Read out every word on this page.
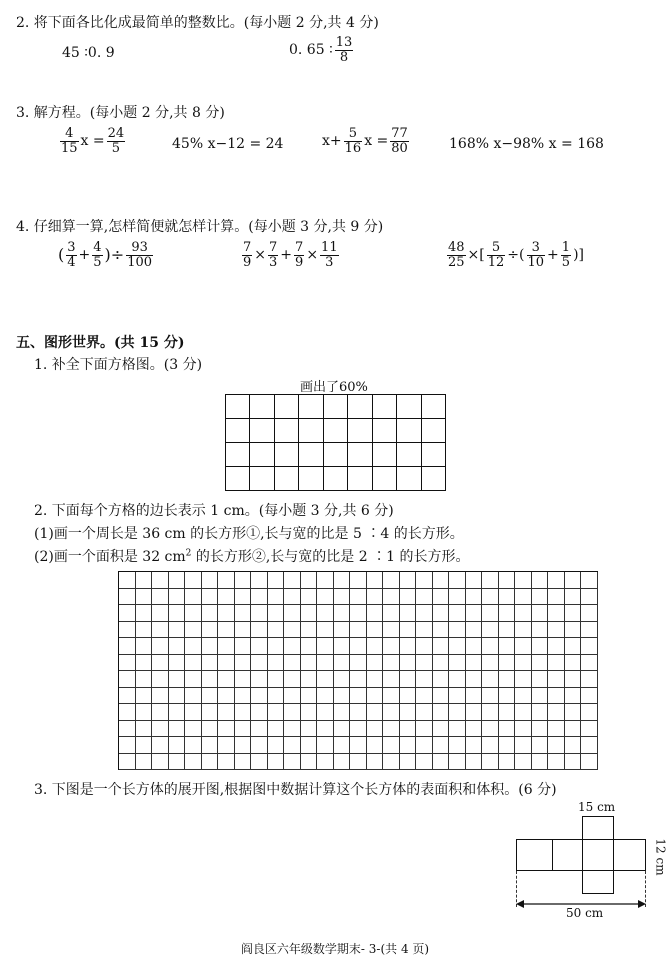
2. 将下面各比化成最简单的整数比。(每小题 2 分,共 4 分)
45 ∶0. 9	0. 65 ∶ $\frac{13}{8}$
3. 解方程。(每小题 2 分,共 8 分)
$\frac{4}{15}$ $x = \frac{24}{5}$	45% x−12 = 24	$x+ \frac{5}{16}$ $x = \frac{77}{80}$	168% x−98% x = 168
4. 仔细算一算,怎样简便就怎样计算。(每小题 3 分,共 9 分)
( $\frac{3}{4} + \frac{4}{5}$ )÷ $\frac{93}{100}$	$\frac{7}{9} \times \frac{7}{3} + \frac{7}{9} \times \frac{11}{3}$	$\frac{48}{25}$ ×[ $\frac{5}{12}$ ÷( $\frac{3}{10} + \frac{1}{5}$ )]
五、图形世界。(共 15 分)
1. 补全下面方格图。(3 分)
画出了60%
2. 下面每个方格的边长表示 1 cm。(每小题 3 分,共 6 分)
(1)画一个周长是 36 cm 的长方形①,长与宽的比是 5 ∶4 的长方形。
(2)画一个面积是 32 $cm^2$ 的长方形②,长与宽的比是 2 ∶1 的长方形。
3. 下图是一个长方体的展开图,根据图中数据计算这个长方体的表面积和体积。(6 分)
15 cm
12 cm
50 cm
阎良区六年级数学期末- 3-(共 4 页)
